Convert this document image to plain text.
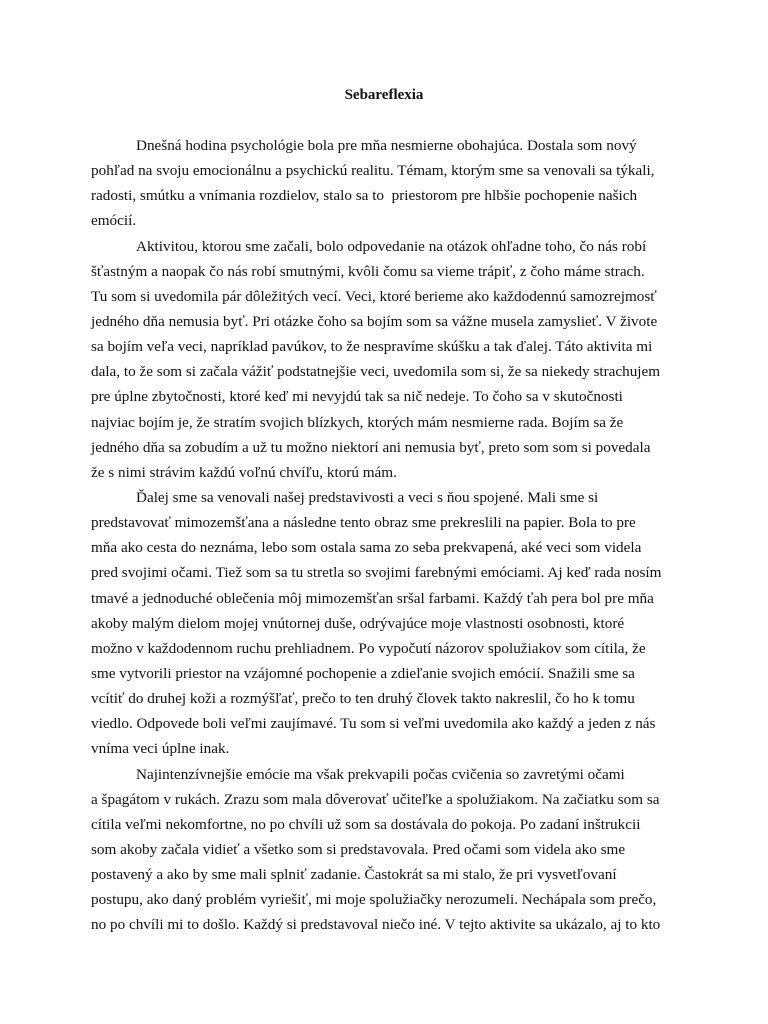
Sebareflexia
Dnešná hodina psychológie bola pre mňa nesmierne obohajúca. Dostala som nový
pohľad na svoju emocionálnu a psychickú realitu. Témam, ktorým sme sa venovali sa týkali,
radosti, smútku a vnímania rozdielov, stalo sa to  priestorom pre hlbšie pochopenie našich
emócií.
Aktivitou, ktorou sme začali, bolo odpovedanie na otázok ohľadne toho, čo nás robí
šťastným a naopak čo nás robí smutnými, kvôli čomu sa vieme trápiť, z čoho máme strach.
Tu som si uvedomila pár dôležitých vecí. Veci, ktoré berieme ako každodennú samozrejmosť
jedného dňa nemusia byť. Pri otázke čoho sa bojím som sa vážne musela zamyslieť. V živote
sa bojím veľa veci, napríklad pavúkov, to že nespravíme skúšku a tak ďalej. Táto aktivita mi
dala, to že som si začala vážiť podstatnejšie veci, uvedomila som si, že sa niekedy strachujem
pre úplne zbytočnosti, ktoré keď mi nevyjdú tak sa nič nedeje. To čoho sa v skutočnosti
najviac bojím je, že stratím svojich blízkych, ktorých mám nesmierne rada. Bojím sa že
jedného dňa sa zobudím a už tu možno niektorí ani nemusia byť, preto som som si povedala
že s nimi strávim každú voľnú chvíľu, ktorú mám.
Ďalej sme sa venovali našej predstavivosti a veci s ňou spojené. Mali sme si
predstavovať mimozemšťana a následne tento obraz sme prekreslili na papier. Bola to pre
mňa ako cesta do neznáma, lebo som ostala sama zo seba prekvapená, aké veci som videla
pred svojimi očami. Tiež som sa tu stretla so svojimi farebnými emóciami. Aj keď rada nosím
tmavé a jednoduché oblečenia môj mimozemšťan sršal farbami. Každý ťah pera bol pre mňa
akoby malým dielom mojej vnútornej duše, odrývajúce moje vlastnosti osobnosti, ktoré
možno v každodennom ruchu prehliadnem. Po vypočutí názorov spolužiakov som cítila, že
sme vytvorili priestor na vzájomné pochopenie a zdieľanie svojich emócií. Snažili sme sa
vcítiť do druhej koži a rozmýšľať, prečo to ten druhý človek takto nakreslil, čo ho k tomu
viedlo. Odpovede boli veľmi zaujímavé. Tu som si veľmi uvedomila ako každý a jeden z nás
vníma veci úplne inak.
Najintenzívnejšie emócie ma však prekvapili počas cvičenia so zavretými očami
a špagátom v rukách. Zrazu som mala dôverovať učiteľke a spolužiakom. Na začiatku som sa
cítila veľmi nekomfortne, no po chvíli už som sa dostávala do pokoja. Po zadaní inštrukcii
som akoby začala vidieť a všetko som si predstavovala. Pred očami som videla ako sme
postavený a ako by sme mali splniť zadanie. Častokrát sa mi stalo, že pri vysvetľovaní
postupu, ako daný problém vyriešiť, mi moje spolužiačky nerozumeli. Nechápala som prečo,
no po chvíli mi to došlo. Každý si predstavoval niečo iné. V tejto aktivite sa ukázalo, aj to kto
